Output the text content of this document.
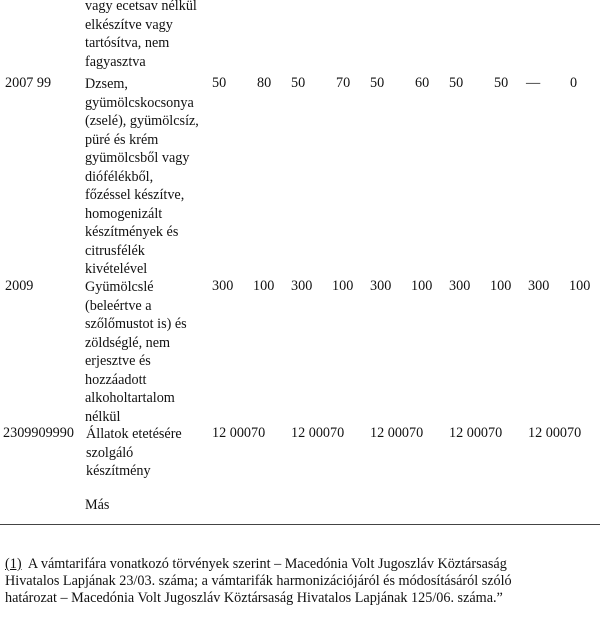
vagy ecetsav nélkül
elkészítve vagy
tartósítva, nem
fagyasztva
2007 99 Dzsem,
gyümölcskocsonya
(zselé), gyümölcsíz,
püré és krém
gyümölcsből vagy
diófélékből,
főzéssel készítve,
homogenizált
készítmények és
citrusfélék
kivételével
50 80 50 70 50 60 50 50 — 0
2009	Gyümölcslé
(beleértve a
szőlőmustot is) és
zöldséglé, nem
erjesztve és
hozzáadott
alkoholtartalom
nélkül
300 100 300 100 300 100 300 100 300 100
2309909990 Állatok etetésére
szolgáló
készítmény
12 00070 12 00070 12 00070 12 00070 12 00070
Más
(1) A vámtarifára vonatkozó törvények szerint – Macedónia Volt Jugoszláv Köztársaság
Hivatalos Lapjának 23/03. száma; a vámtarifák harmonizációjáról és módosításáról szóló
határozat – Macedónia Volt Jugoszláv Köztársaság Hivatalos Lapjának 125/06. száma.”
